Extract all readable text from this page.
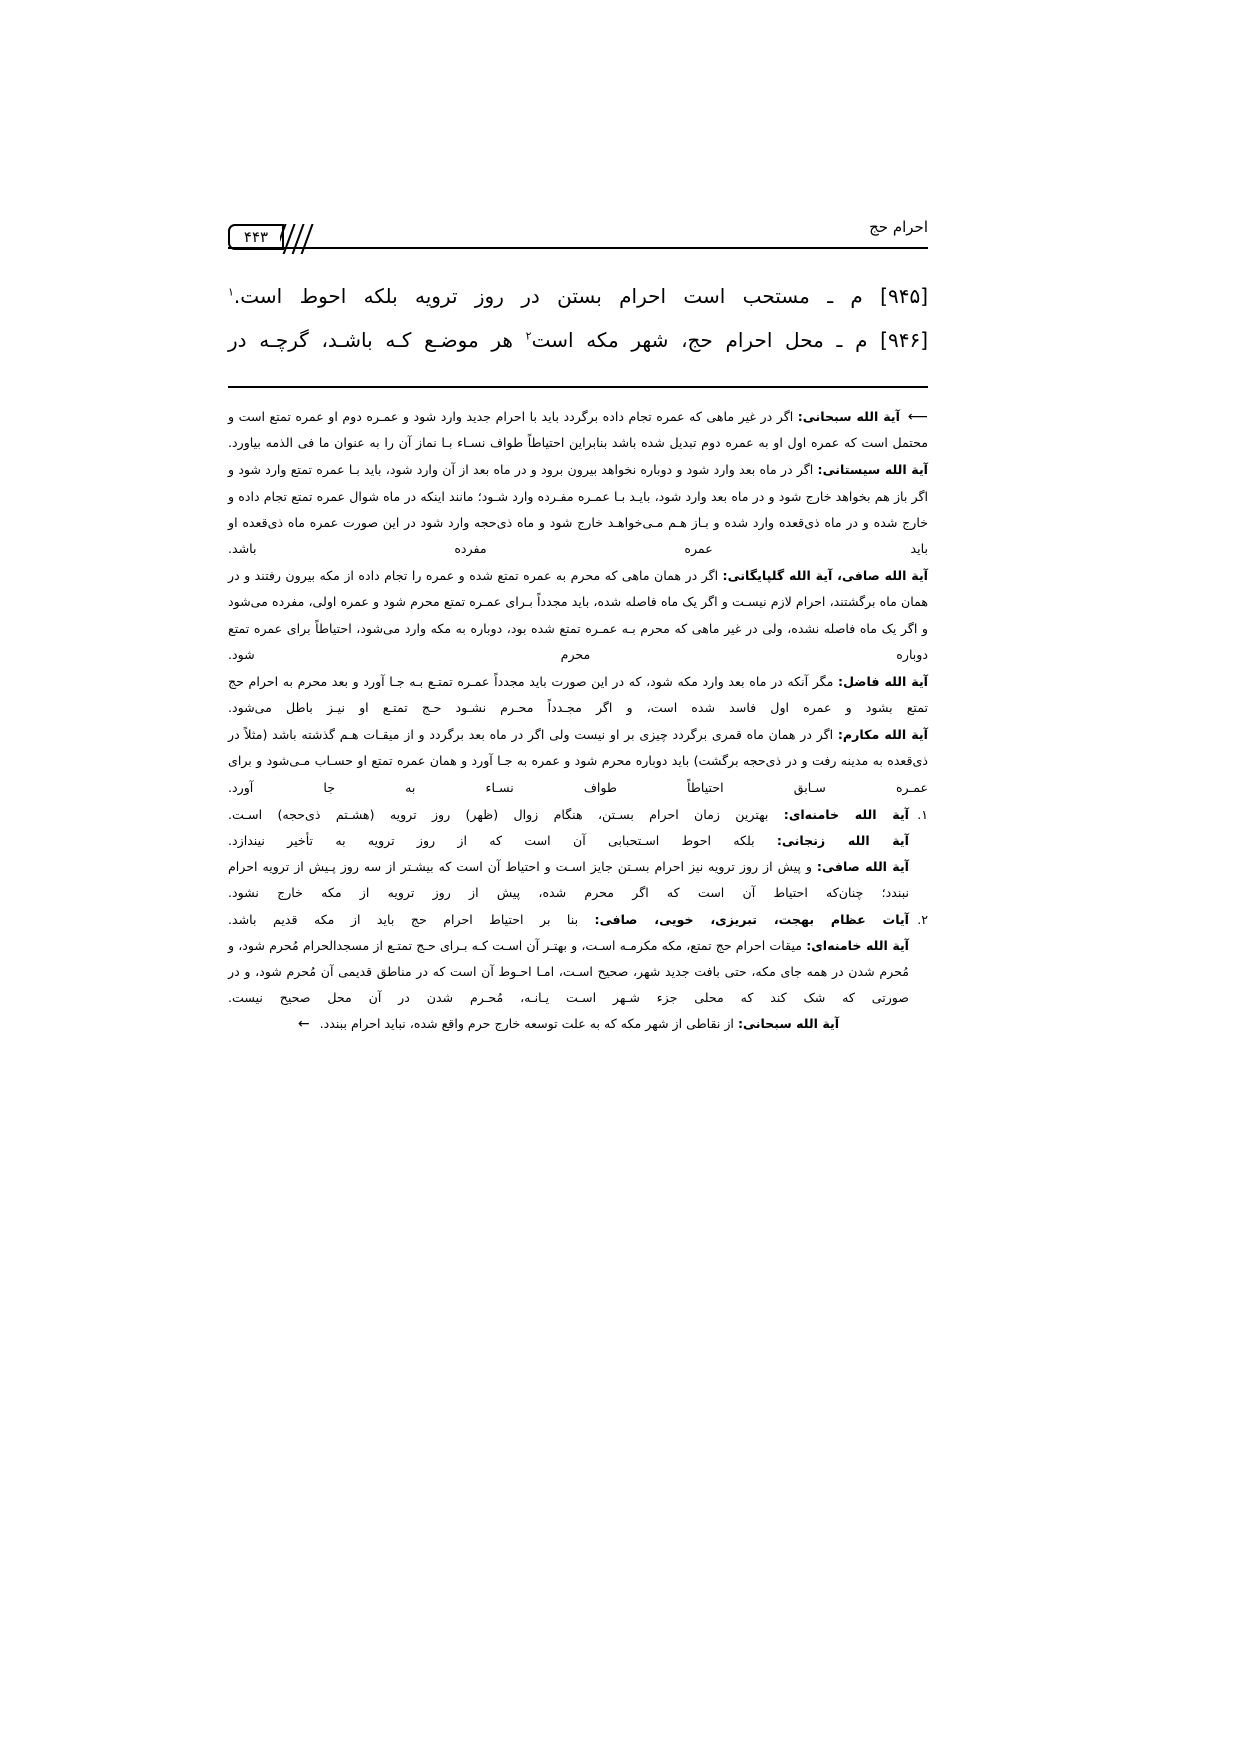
احرام حج
۴۴۳

[۹۴۵] م ـ مستحب است احرام بستن در روز ترویه بلکه احوط است.$^۱$

[۹۴۶] م ـ محل احرام حج، شهر مکه است$^۲$ هر موضـع کـه باشـد، گرچـه در

⟵آیة الله سبحانی: اگر در غیر ماهی که عمره تجام داده برگردد باید با احرام جدید وارد شود و عمـره دوم او عمره تمتع است و محتمل است که عمره اول او به عمره دوم تبدیل شده باشد بنابراین احتیاطاً طواف نسـاء بـا نماز آن را به عنوان ما فی الذمه بیاورد.

آیة الله سیستانی: اگر در ماه بعد وارد شود و دوباره نخواهد بیرون برود و در ماه بعد از آن وارد شود، باید بـا عمره تمتع وارد شود و اگر باز هم بخواهد خارج شود و در ماه بعد وارد شود، بایـد بـا عمـره مفـرده وارد شـود؛ مانند اینکه در ماه شوال عمره تمتع تجام داده و خارج شده و در ماه ذی‌قعده وارد شده و بـاز هـم مـی‌خواهـد خارج شود و ماه ذی‌حجه وارد شود در این صورت عمره ماه ذی‌قعده او باید عمره مفرده باشد.

آیة الله صافی، آیة الله گلپایگانی: اگر در همان ماهی که محرم به عمره تمتع شده و عمره را تجام داده از مکه بیرون رفتند و در همان ماه برگشتند، احرام لازم نیسـت و اگر یک ماه فاصله شده، باید مجدداً بـرای عمـره تمتع محرم شود و عمره اولی، مفرده می‌شود و اگر یک ماه فاصله نشده، ولی در غیر ماهی که محرم بـه عمـره تمتع شده بود، دوباره به مکه وارد می‌شود، احتیاطاً برای عمره تمتع دوباره محرم شود.

آیة الله فاضل: مگر آنکه در ماه بعد وارد مکه شود، که در این صورت باید مجدداً عمـره تمتـع بـه جـا آورد و بعد محرم به احرام حج تمتع بشود و عمره اول فاسد شده است، و اگر مجـدداً محـرم نشـود حـج تمتـع او نیـز باطل می‌شود.

آیة الله مکارم: اگر در همان ماه قمری برگردد چیزی بر او نیست ولی اگر در ماه بعد برگردد و از میقـات هـم گذشته باشد (مثلاً در ذی‌قعده به مدینه رفت و در ذی‌حجه برگشت) باید دوباره محرم شود و عمره به جـا آورد و همان عمره تمتع او حسـاب مـی‌شود و برای عمـره سـابق احتیاطاً طواف نسـاء به جا آورد.

۱.

آیة الله خامنه‌ای: بهترین زمان احرام بسـتن، هنگام زوال (ظهر) روز ترویه (هشـتم ذی‌حجه) اسـت.

آیة الله زنجانی: بلکه احوط اسـتحبابی آن است که از روز ترویه به تأخیر نیندازد.

آیة الله صافی: و پیش از روز ترویه نیز احرام بسـتن جایز اسـت و احتیاط آن است که بیشـتر از سه روز پـیش از ترویه احرام نبندد؛ چنان‌که احتیاط آن است که اگر محرم شده، پیش از روز ترویه از مکه خارج نشود.

۲.

آیات عظام بهجت، تبریزی، خویی، صافی: بنا بر احتیاط احرام حج باید از مکه قدیم باشد.

آیة الله خامنه‌ای: میقات احرام حج تمتع، مکه مکرمـه اسـت، و بهتـر آن اسـت کـه بـرای حـج تمتـع از مسجدالحرام مُحرم شود، و مُحرم شدن در همه جای مکه، حتی بافت جدید شهر، صحیح اسـت، امـا احـوط آن است که در مناطق قدیمی آن مُحرم شود، و در صورتی که شک کند که محلی جزء شـهر اسـت یـانـه، مُحـرم شدن در آن محل صحیح نیست.

آیة الله سبحانی: از نقاطی از شهر مکه که به علت توسعه خارج حرم واقع شده، نباید احرام ببندد.←
